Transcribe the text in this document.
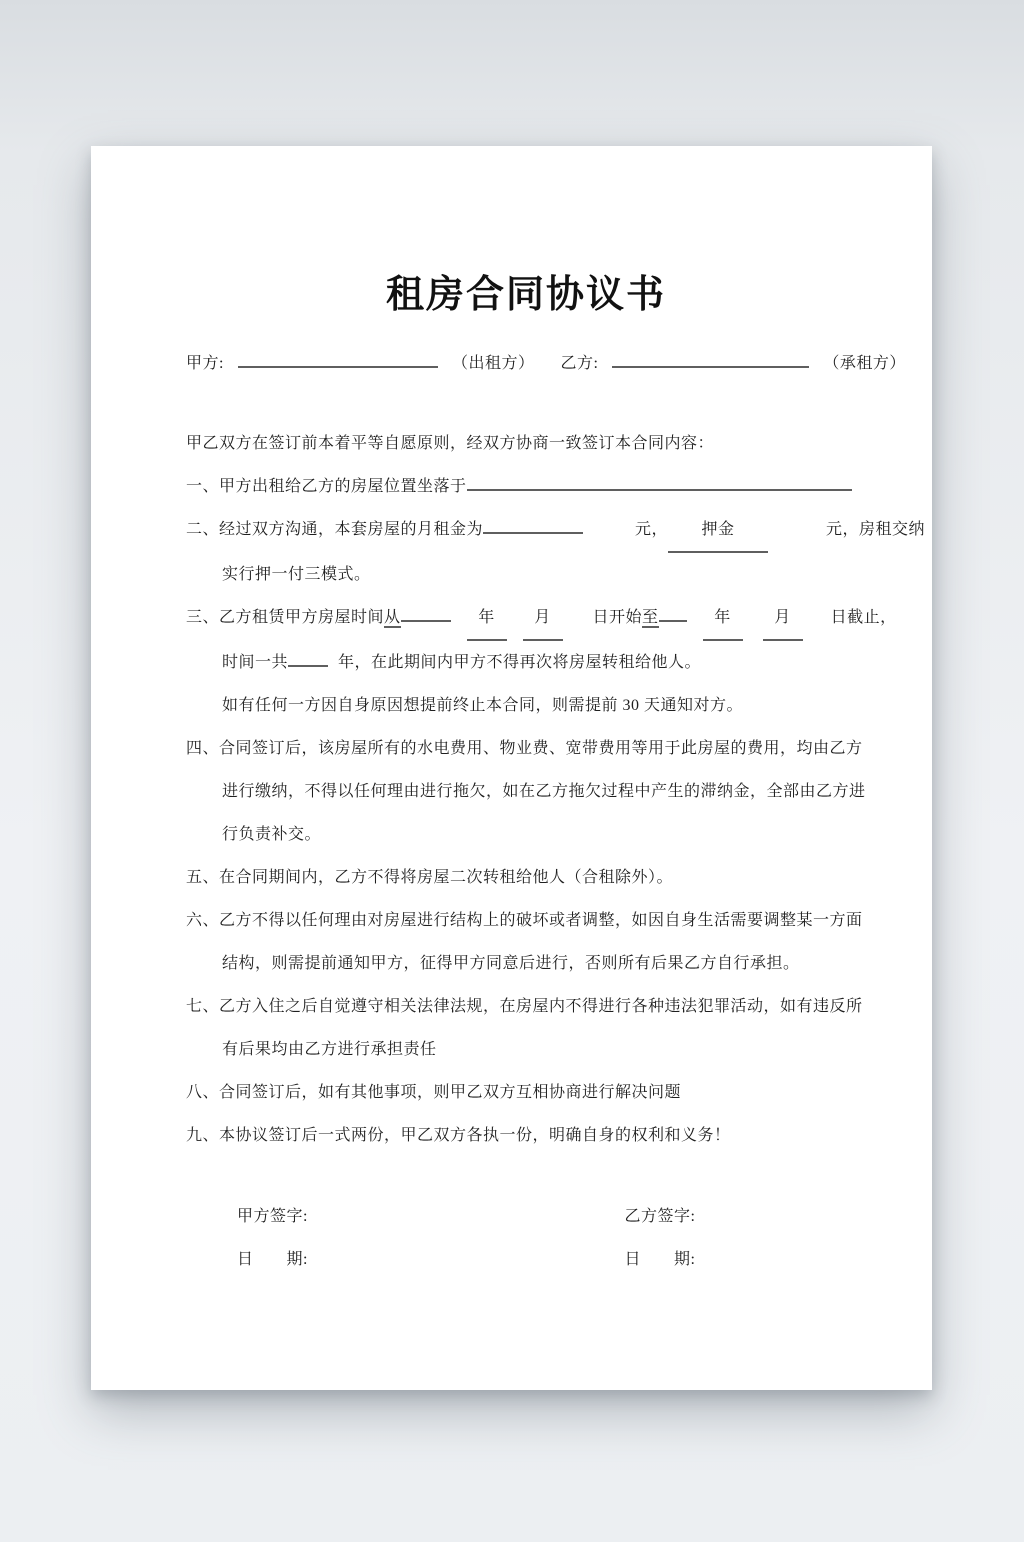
租房合同协议书
甲方:	（出租方） 乙方:	（承租方）
甲乙双方在签订前本着平等自愿原则，经双方协商一致签订本合同内容：
一、甲方出租给乙方的房屋位置坐落于
二、经过双方沟通，本套房屋的月租金为	元， 押金	元，房租交纳
实行押一付三模式。
三、乙方租赁甲方房屋时间从	年 月	日开始至	年	月 日截止，
时间一共	年，在此期间内甲方不得再次将房屋转租给他人。
如有任何一方因自身原因想提前终止本合同，则需提前 30 天通知对方。
四、合同签订后，该房屋所有的水电费用、物业费、宽带费用等用于此房屋的费用，均由乙方
进行缴纳，不得以任何理由进行拖欠，如在乙方拖欠过程中产生的滞纳金，全部由乙方进
行负责补交。
五、在合同期间内，乙方不得将房屋二次转租给他人（合租除外）。
六、乙方不得以任何理由对房屋进行结构上的破坏或者调整，如因自身生活需要调整某一方面
结构，则需提前通知甲方，征得甲方同意后进行，否则所有后果乙方自行承担。
七、乙方入住之后自觉遵守相关法律法规，在房屋内不得进行各种违法犯罪活动，如有违反所
有后果均由乙方进行承担责任
八、合同签订后，如有其他事项，则甲乙双方互相协商进行解决问题
九、本协议签订后一式两份，甲乙双方各执一份，明确自身的权利和义务！
甲方签字:	乙方签字:
日　　期:	日　　期:
